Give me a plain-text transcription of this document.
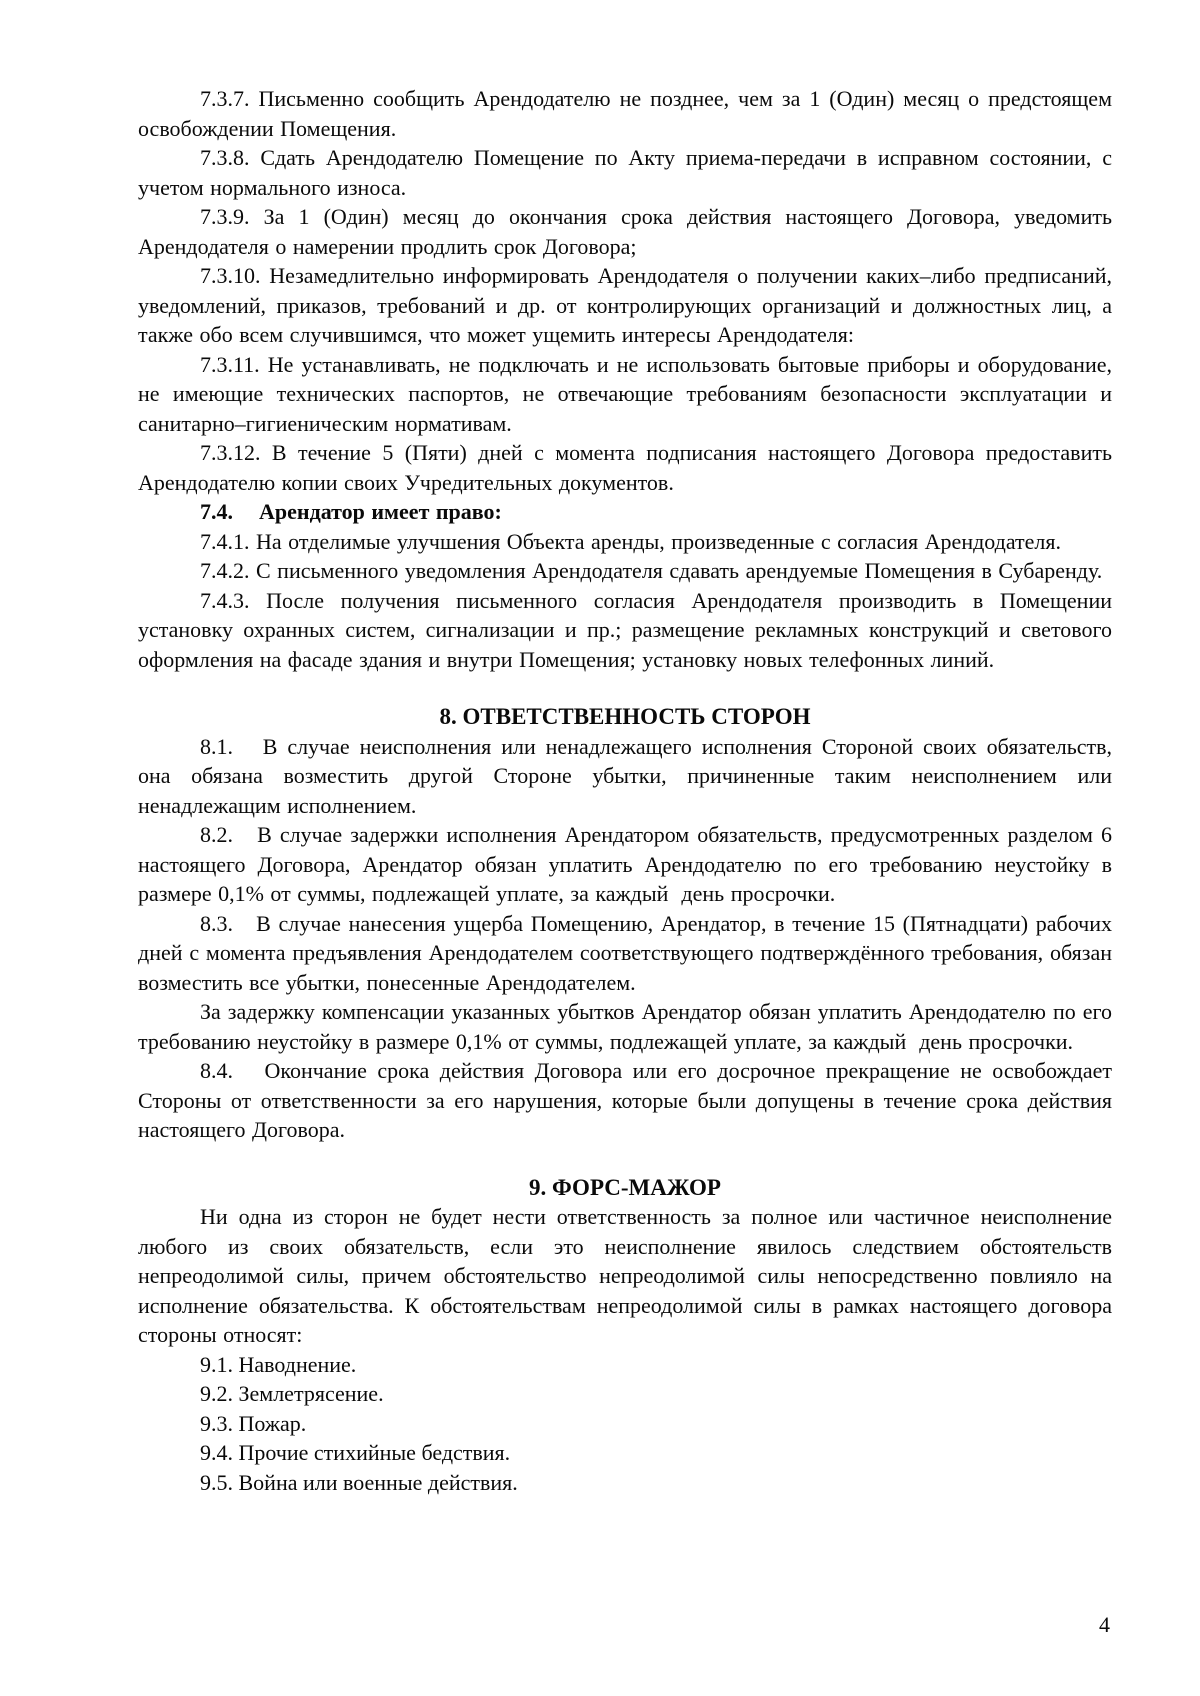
7.3.7. Письменно сообщить Арендодателю не позднее, чем за 1 (Один) месяц о предстоящем освобождении Помещения.

7.3.8. Сдать Арендодателю Помещение по Акту приема-передачи в исправном состоянии, с учетом нормального износа.

7.3.9. За 1 (Один) месяц до окончания срока действия настоящего Договора, уведомить Арендодателя о намерении продлить срок Договора;

7.3.10. Незамедлительно информировать Арендодателя о получении каких–либо предписаний, уведомлений, приказов, требований и др. от контролирующих организаций и должностных лиц, а также обо всем случившимся, что может ущемить интересы Арендодателя:

7.3.11. Не устанавливать, не подключать и не использовать бытовые приборы и оборудование, не имеющие технических паспортов, не отвечающие требованиям безопасности эксплуатации и санитарно–гигиеническим нормативам.

7.3.12. В течение 5 (Пяти) дней с момента подписания настоящего Договора предоставить Арендодателю копии своих Учредительных документов.

7.4.    Арендатор имеет право:

7.4.1. На отделимые улучшения Объекта аренды, произведенные с согласия Арендодателя.

7.4.2. С письменного уведомления Арендодателя сдавать арендуемые Помещения в Субаренду.

7.4.3. После получения письменного согласия Арендодателя производить в Помещении установку охранных систем, сигнализации и пр.; размещение рекламных конструкций и светового оформления на фасаде здания и внутри Помещения; установку новых телефонных линий.

8. ОТВЕТСТВЕННОСТЬ СТОРОН

8.1.   В случае неисполнения или ненадлежащего исполнения Стороной своих обязательств, она обязана возместить другой Стороне убытки, причиненные таким неисполнением или ненадлежащим исполнением.

8.2.   В случае задержки исполнения Арендатором обязательств, предусмотренных разделом 6 настоящего Договора, Арендатор обязан уплатить Арендодателю по его требованию неустойку в размере 0,1% от суммы, подлежащей уплате, за каждый  день просрочки.

8.3.   В случае нанесения ущерба Помещению, Арендатор, в течение 15 (Пятнадцати) рабочих дней с момента предъявления Арендодателем соответствующего подтверждённого требования, обязан возместить все убытки, понесенные Арендодателем.

За задержку компенсации указанных убытков Арендатор обязан уплатить Арендодателю по его требованию неустойку в размере 0,1% от суммы, подлежащей уплате, за каждый  день просрочки.

8.4.   Окончание срока действия Договора или его досрочное прекращение не освобождает Стороны от ответственности за его нарушения, которые были допущены в течение срока действия настоящего Договора.

9. ФОРС-МАЖОР

Ни одна из сторон не будет нести ответственность за полное или частичное неисполнение любого из своих обязательств, если это неисполнение явилось следствием обстоятельств непреодолимой силы, причем обстоятельство непреодолимой силы непосредственно повлияло на исполнение обязательства. К обстоятельствам непреодолимой силы в рамках настоящего договора стороны относят:

9.1. Наводнение.

9.2. Землетрясение.

9.3. Пожар.

9.4. Прочие стихийные бедствия.

9.5. Война или военные действия.

4
